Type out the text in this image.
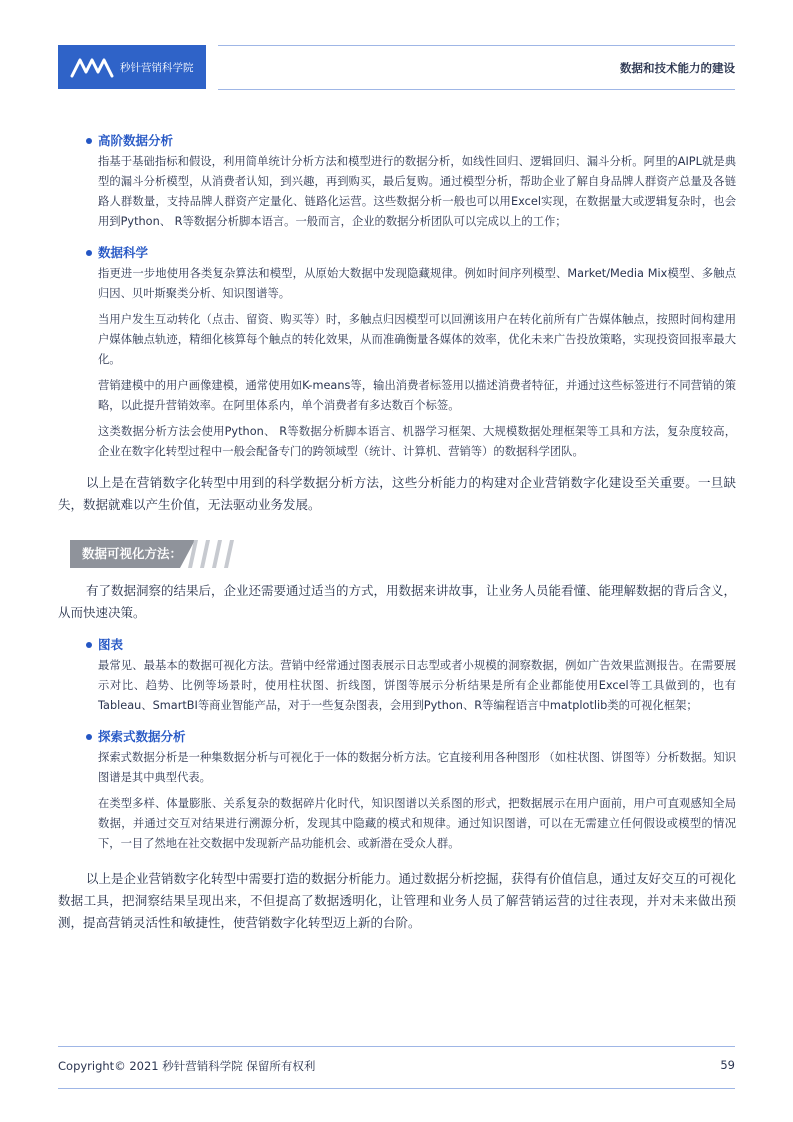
秒针营销科学院	数据和技术能力的建设
高阶数据分析
指基于基础指标和假设，利用简单统计分析方法和模型进行的数据分析，如线性回归、逻辑回归、漏斗分析。阿里的AIPL就是典型的漏斗分析模型，从消费者认知，到兴趣，再到购买，最后复购。通过模型分析，帮助企业了解自身品牌人群资产总量及各链路人群数量，支持品牌人群资产定量化、链路化运营。这些数据分析一般也可以用Excel实现，在数据量大或逻辑复杂时，也会用到Python、 R等数据分析脚本语言。一般而言，企业的数据分析团队可以完成以上的工作；
数据科学
指更进一步地使用各类复杂算法和模型，从原始大数据中发现隐藏规律。例如时间序列模型、Market/Media Mix模型、多触点归因、贝叶斯聚类分析、知识图谱等。
当用户发生互动转化（点击、留资、购买等）时，多触点归因模型可以回溯该用户在转化前所有广告媒体触点，按照时间构建用户媒体触点轨迹，精细化核算每个触点的转化效果，从而准确衡量各媒体的效率，优化未来广告投放策略，实现投资回报率最大化。
营销建模中的用户画像建模，通常使用如K-means等，输出消费者标签用以描述消费者特征，并通过这些标签进行不同营销的策略，以此提升营销效率。在阿里体系内，单个消费者有多达数百个标签。
这类数据分析方法会使用Python、 R等数据分析脚本语言、机器学习框架、大规模数据处理框架等工具和方法，复杂度较高，企业在数字化转型过程中一般会配备专门的跨领域型（统计、计算机、营销等）的数据科学团队。
以上是在营销数字化转型中用到的科学数据分析方法，这些分析能力的构建对企业营销数字化建设至关重要。一旦缺失，数据就难以产生价值，无法驱动业务发展。
数据可视化方法：
有了数据洞察的结果后，企业还需要通过适当的方式，用数据来讲故事，让业务人员能看懂、能理解数据的背后含义，从而快速决策。
图表
最常见、最基本的数据可视化方法。营销中经常通过图表展示日志型或者小规模的洞察数据，例如广告效果监测报告。在需要展示对比、趋势、比例等场景时，使用柱状图、折线图，饼图等展示分析结果是所有企业都能使用Excel等工具做到的，也有Tableau、SmartBI等商业智能产品，对于一些复杂图表，会用到Python、R等编程语言中matplotlib类的可视化框架；
探索式数据分析
探索式数据分析是一种集数据分析与可视化于一体的数据分析方法。它直接利用各种图形 （如柱状图、饼图等）分析数据。知识图谱是其中典型代表。
在类型多样、体量膨胀、关系复杂的数据碎片化时代，知识图谱以关系图的形式，把数据展示在用户面前，用户可直观感知全局数据，并通过交互对结果进行溯源分析，发现其中隐藏的模式和规律。通过知识图谱，可以在无需建立任何假设或模型的情况下，一目了然地在社交数据中发现新产品功能机会、或新潜在受众人群。
以上是企业营销数字化转型中需要打造的数据分析能力。通过数据分析挖掘，获得有价值信息，通过友好交互的可视化数据工具，把洞察结果呈现出来，不但提高了数据透明化，让管理和业务人员了解营销运营的过往表现，并对未来做出预测，提高营销灵活性和敏捷性，使营销数字化转型迈上新的台阶。
Copyright© 2021 秒针营销科学院 保留所有权利	59
